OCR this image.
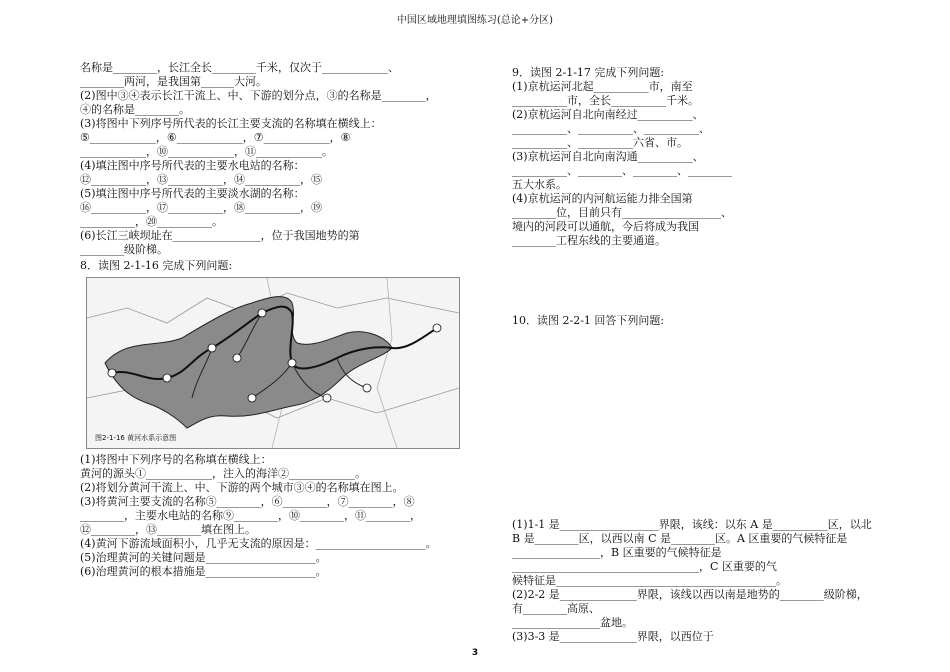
中国区域地理填图练习(总论+分区)
名称是________，长江全长________千米，仅次于____________、
________两河，是我国第______大河。
(2)图中③④表示长江干流上、中、下游的划分点，③的名称是________，
④的名称是________。
(3)将图中下列序号所代表的长江主要支流的名称填在横线上：
⑤____________，⑥____________，⑦____________，⑧
____________，⑩____________，⑪____________。
(4)填注图中序号所代表的主要水电站的名称：
⑫__________，⑬__________，⑭__________，⑮
(5)填注图中序号所代表的主要淡水湖的名称：
⑯__________，⑰__________，⑱__________，⑲
__________，⑳__________。
(6)长江三峡坝址在________________，位于我国地势的第
________级阶梯。
8．读图 2-1-16 完成下列问题:
图2-1-16 黄河水系示意图
(1)将图中下列序号的名称填在横线上：
黄河的源头①____________，注入的海洋②____________。
(2)将划分黄河干流上、中、下游的两个城市③④的名称填在图上。
(3)将黄河主要支流的名称⑤________，⑥________，⑦________，⑧
________，主要水电站的名称⑨________，⑩________，⑪________，
⑫________，⑬________填在图上。
(4)黄河下游流域面积小，几乎无支流的原因是：____________________。
(5)治理黄河的关键问题是____________________。
(6)治理黄河的根本措施是____________________。
9．读图 2-1-17 完成下列问题:
(1)京杭运河北起__________市，南至
__________市，全长__________千米。
(2)京杭运河自北向南经过__________、
__________、__________、__________、
__________、__________六省、市。
(3)京杭运河自北向南沟通__________、
__________、________、________、________
五大水系。
(4)京杭运河的内河航运能力排全国第
________位，目前只有__________________、
境内的河段可以通航，今后将成为我国
________工程东线的主要通道。
10．读图 2-2-1 回答下列问题:
(1)1-1 是__________________界限，该线：以东 A 是__________区，以北
B 是________区，以西以南 C 是________区。A 区重要的气候特征是
________________，B 区重要的气候特征是
__________________________________，C 区重要的气
候特征是________________________________________。
(2)2-2 是______________界限，该线以西以南是地势的________级阶梯，
有________高原、
________________盆地。
(3)3-3 是______________界限，以西位于
3
